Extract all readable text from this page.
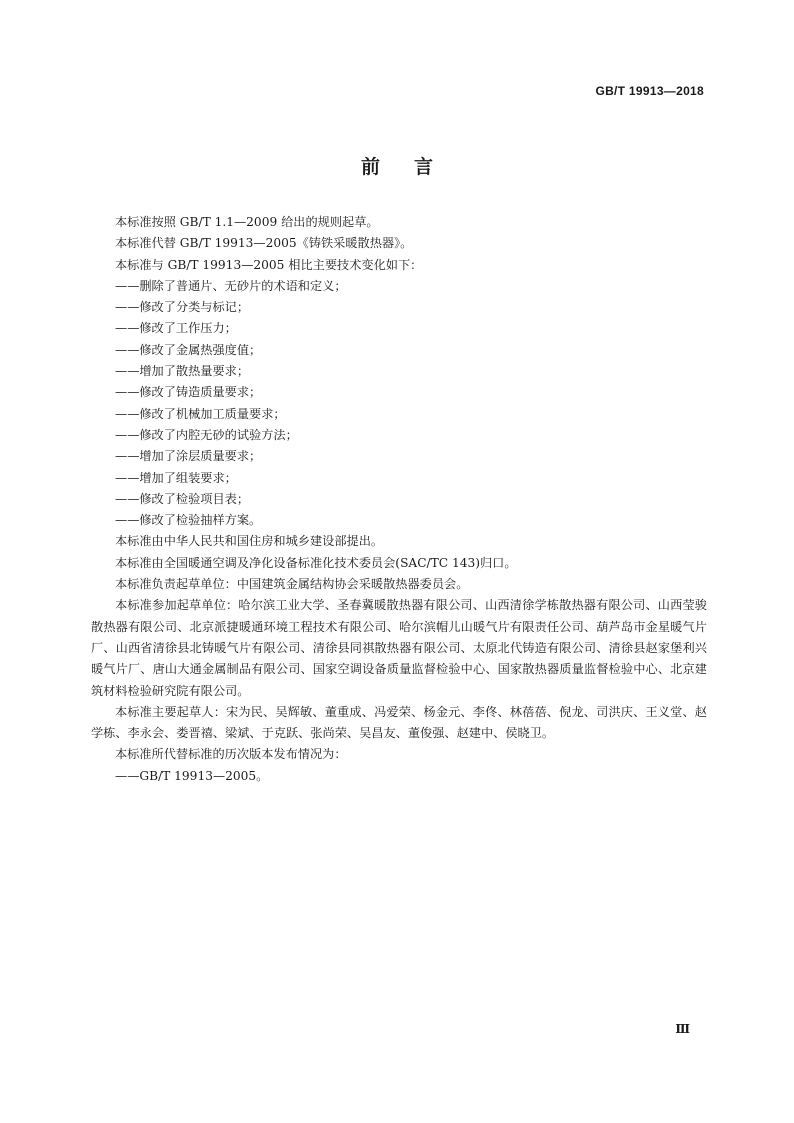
GB/T 19913—2018
前言

本标准按照 GB/T 1.1—2009 给出的规则起草。

本标准代替 GB/T 19913—2005《铸铁采暖散热器》。

本标准与 GB/T 19913—2005 相比主要技术变化如下：

——删除了普通片、无砂片的术语和定义；

——修改了分类与标记；

——修改了工作压力；

——修改了金属热强度值；

——增加了散热量要求；

——修改了铸造质量要求；

——修改了机械加工质量要求；

——修改了内腔无砂的试验方法；

——增加了涂层质量要求；

——增加了组装要求；

——修改了检验项目表；

——修改了检验抽样方案。

本标准由中华人民共和国住房和城乡建设部提出。

本标准由全国暖通空调及净化设备标准化技术委员会(SAC/TC 143)归口。

本标准负责起草单位：中国建筑金属结构协会采暖散热器委员会。

本标准参加起草单位：哈尔滨工业大学、圣春冀暖散热器有限公司、山西清徐学栋散热器有限公司、山西莹骏散热器有限公司、北京派捷暖通环境工程技术有限公司、哈尔滨帽儿山暖气片有限责任公司、葫芦岛市金星暖气片厂、山西省清徐县北铸暖气片有限公司、清徐县同祺散热器有限公司、太原北代铸造有限公司、清徐县赵家堡利兴暖气片厂、唐山大通金属制品有限公司、国家空调设备质量监督检验中心、国家散热器质量监督检验中心、北京建筑材料检验研究院有限公司。

本标准主要起草人：宋为民、吴辉敏、董重成、冯爱荣、杨金元、李佟、林蓓蓓、倪龙、司洪庆、王义堂、赵学栋、李永会、娄晋禧、梁斌、于克跃、张尚荣、吴昌友、董俊强、赵建中、侯晓卫。

本标准所代替标准的历次版本发布情况为：

——GB/T 19913—2005。

Ⅲ
